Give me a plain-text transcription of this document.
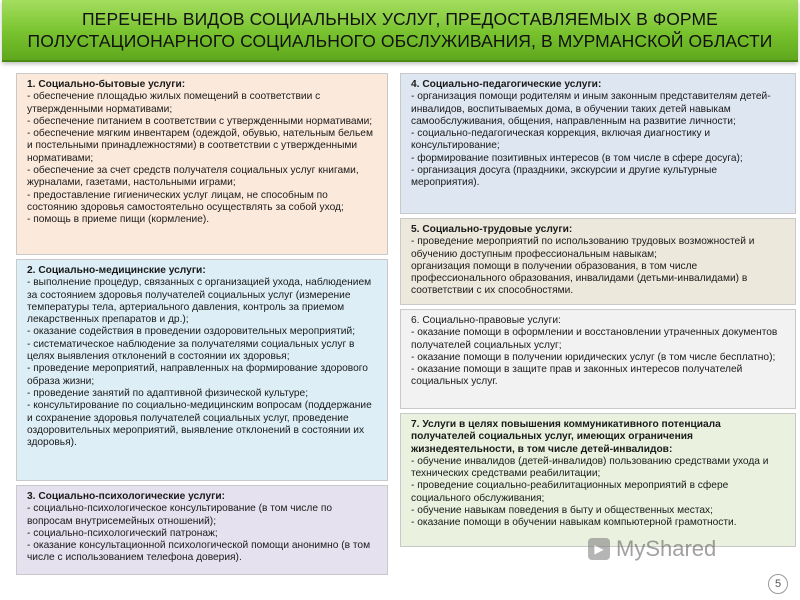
ПЕРЕЧЕНЬ ВИДОВ СОЦИАЛЬНЫХ УСЛУГ, ПРЕДОСТАВЛЯЕМЫХ В ФОРМЕ
ПОЛУСТАЦИОНАРНОГО СОЦИАЛЬНОГО ОБСЛУЖИВАНИЯ, В МУРМАНСКОЙ ОБЛАСТИ
1. Социально-бытовые услуги:
- обеспечение площадью жилых помещений в соответствии с утвержденными нормативами;
- обеспечение питанием в соответствии с утвержденными нормативами;
- обеспечение мягким инвентарем (одеждой, обувью, нательным бельем и постельными принадлежностями) в соответствии с утвержденными нормативами;
- обеспечение за счет средств получателя социальных услуг книгами, журналами, газетами, настольными играми;
- предоставление гигиенических услуг лицам, не способным по состоянию здоровья самостоятельно осуществлять за собой уход;
- помощь в приеме пищи (кормление).
2. Социально-медицинские услуги:
- выполнение процедур, связанных с организацией ухода, наблюдением за состоянием здоровья получателей социальных услуг (измерение температуры тела, артериального давления, контроль за приемом лекарственных препаратов и др.);
- оказание содействия в проведении оздоровительных мероприятий;
- систематическое наблюдение за получателями социальных услуг в целях выявления отклонений в состоянии их здоровья;
- проведение мероприятий, направленных на формирование здорового образа жизни;
- проведение занятий по адаптивной физической культуре;
- консультирование по социально-медицинским вопросам (поддержание и сохранение здоровья получателей социальных услуг, проведение оздоровительных мероприятий, выявление отклонений в состоянии их здоровья).
3. Социально-психологические услуги:
- социально-психологическое консультирование (в том числе по вопросам внутрисемейных отношений);
- социально-психологический патронаж;
- оказание консультационной психологической помощи анонимно (в том числе с использованием телефона доверия).
4. Социально-педагогические услуги:
- организация помощи родителям и иным законным представителям детей-инвалидов, воспитываемых дома, в обучении таких детей навыкам самообслуживания, общения, направленным на развитие личности;
- социально-педагогическая коррекция, включая диагностику и консультирование;
- формирование позитивных интересов (в том числе в сфере досуга);
- организация досуга (праздники, экскурсии и другие культурные мероприятия).
5. Социально-трудовые услуги:
- проведение мероприятий по использованию трудовых возможностей и обучению доступным профессиональным навыкам;
организация помощи в получении образования, в том числе профессионального образования, инвалидами (детьми-инвалидами) в соответствии с их способностями.
6. Социально-правовые услуги:
- оказание помощи в оформлении и восстановлении утраченных документов получателей социальных услуг;
- оказание помощи в получении юридических услуг (в том числе бесплатно);
- оказание помощи в защите прав и законных интересов получателей социальных услуг.
7. Услуги в целях повышения коммуникативного потенциала получателей социальных услуг, имеющих ограничения жизнедеятельности, в том числе детей-инвалидов:
- обучение инвалидов (детей-инвалидов) пользованию средствами ухода и технических средствами реабилитации;
- проведение социально-реабилитационных мероприятий в сфере социального обслуживания;
- обучение навыкам поведения в быту и общественных местах;
- оказание помощи в обучении навыкам компьютерной грамотности.
▶ MyShared
5
